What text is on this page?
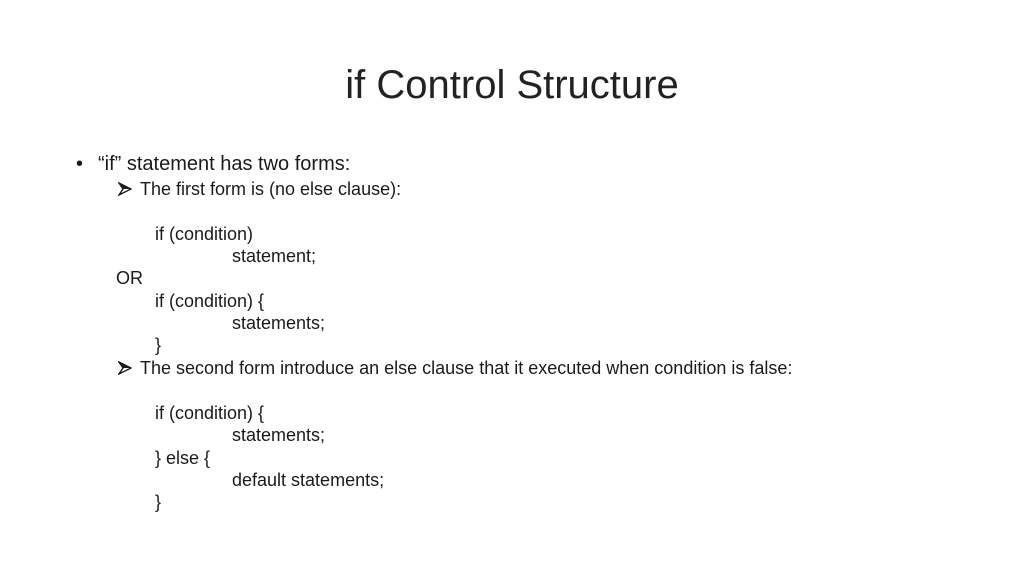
if Control Structure
• “if” statement has two forms:
The first form is (no else clause):
if (condition)
statement;
OR
if (condition) {
statements;
}
The second form introduce an else clause that it executed when condition is false:
if (condition) {
statements;
} else {
default statements;
}
